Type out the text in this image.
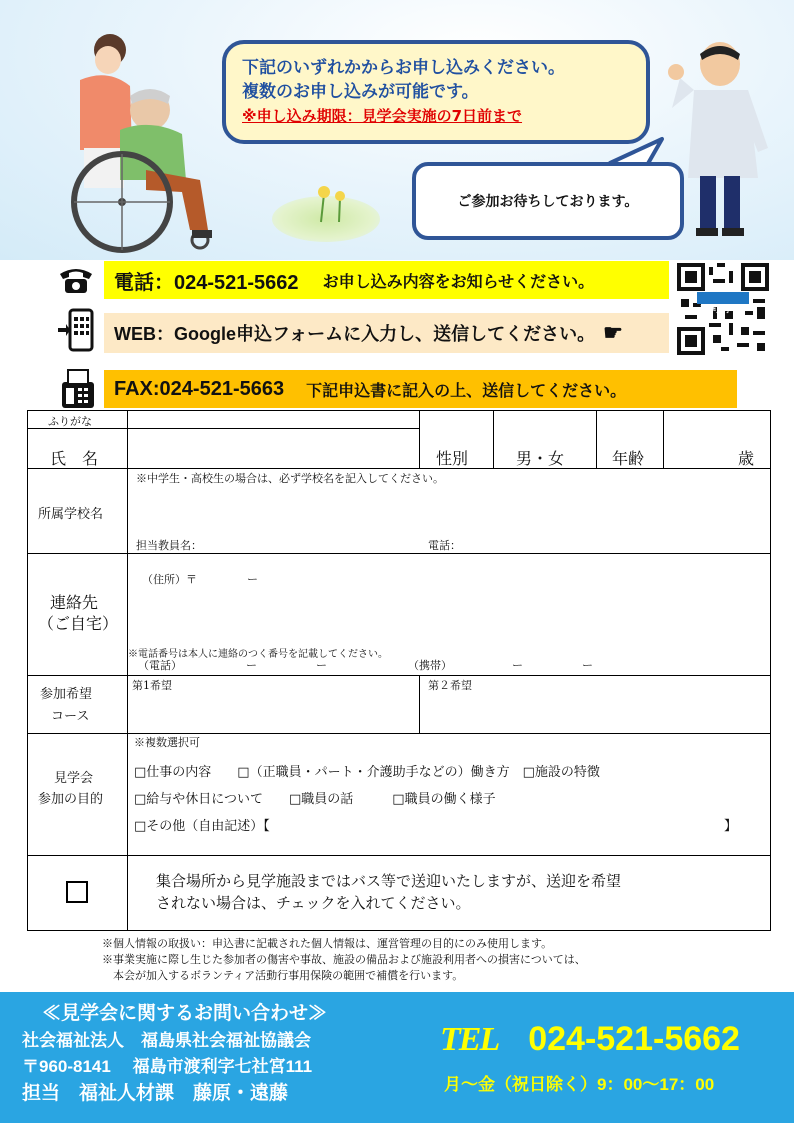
下記のいずれかからお申し込みください。
複数のお申し込みが可能です。
※申し込み期限：見学会実施の7日前まで
ご参加お待ちしております。
電話：024-521-5662 お申し込み内容をお知らせください。
WEB：Google申込フォームに入力し、送信してください。 ☛
FAX:024-521-5663 下記申込書に記入の上、送信してください。
夏季見学会
ふりがな
氏　名	性別	男・女	年齢	歳
所属学校名
※中学生・高校生の場合は、必ず学校名を記入してください。
担当教員名：	電話：
連絡先
（ご自宅）
（住所）〒	ー
※電話番号は本人に連絡のつく番号を記載してください。
（電話）	ー	ー	（携帯）	ー	ー
参加希望
コース
第1希望	第２希望
見学会
参加の目的
※複数選択可
□仕事の内容　　□（正職員・パート・介護助手などの）働き方　□施設の特徴
□給与や休日について　　□職員の話　　　□職員の働く様子
□その他（自由記述）【	】
集合場所から見学施設まではバス等で送迎いたしますが、送迎を希望
されない場合は、チェックを入れてください。
※個人情報の取扱い：申込書に記載された個人情報は、運営管理の目的にのみ使用します。
※事業実施に際し生じた参加者の傷害や事故、施設の備品および施設利用者への損害については、
　本会が加入するボランティア活動行事用保険の範囲で補償を行います。
≪見学会に関するお問い合わせ≫
社会福祉法人　福島県社会福祉協議会
〒960-8141　 福島市渡利字七社宮111
担当　福祉人材課　藤原・遠藤
TEL 024-521-5662
月～金（祝日除く）9：00～17：00
